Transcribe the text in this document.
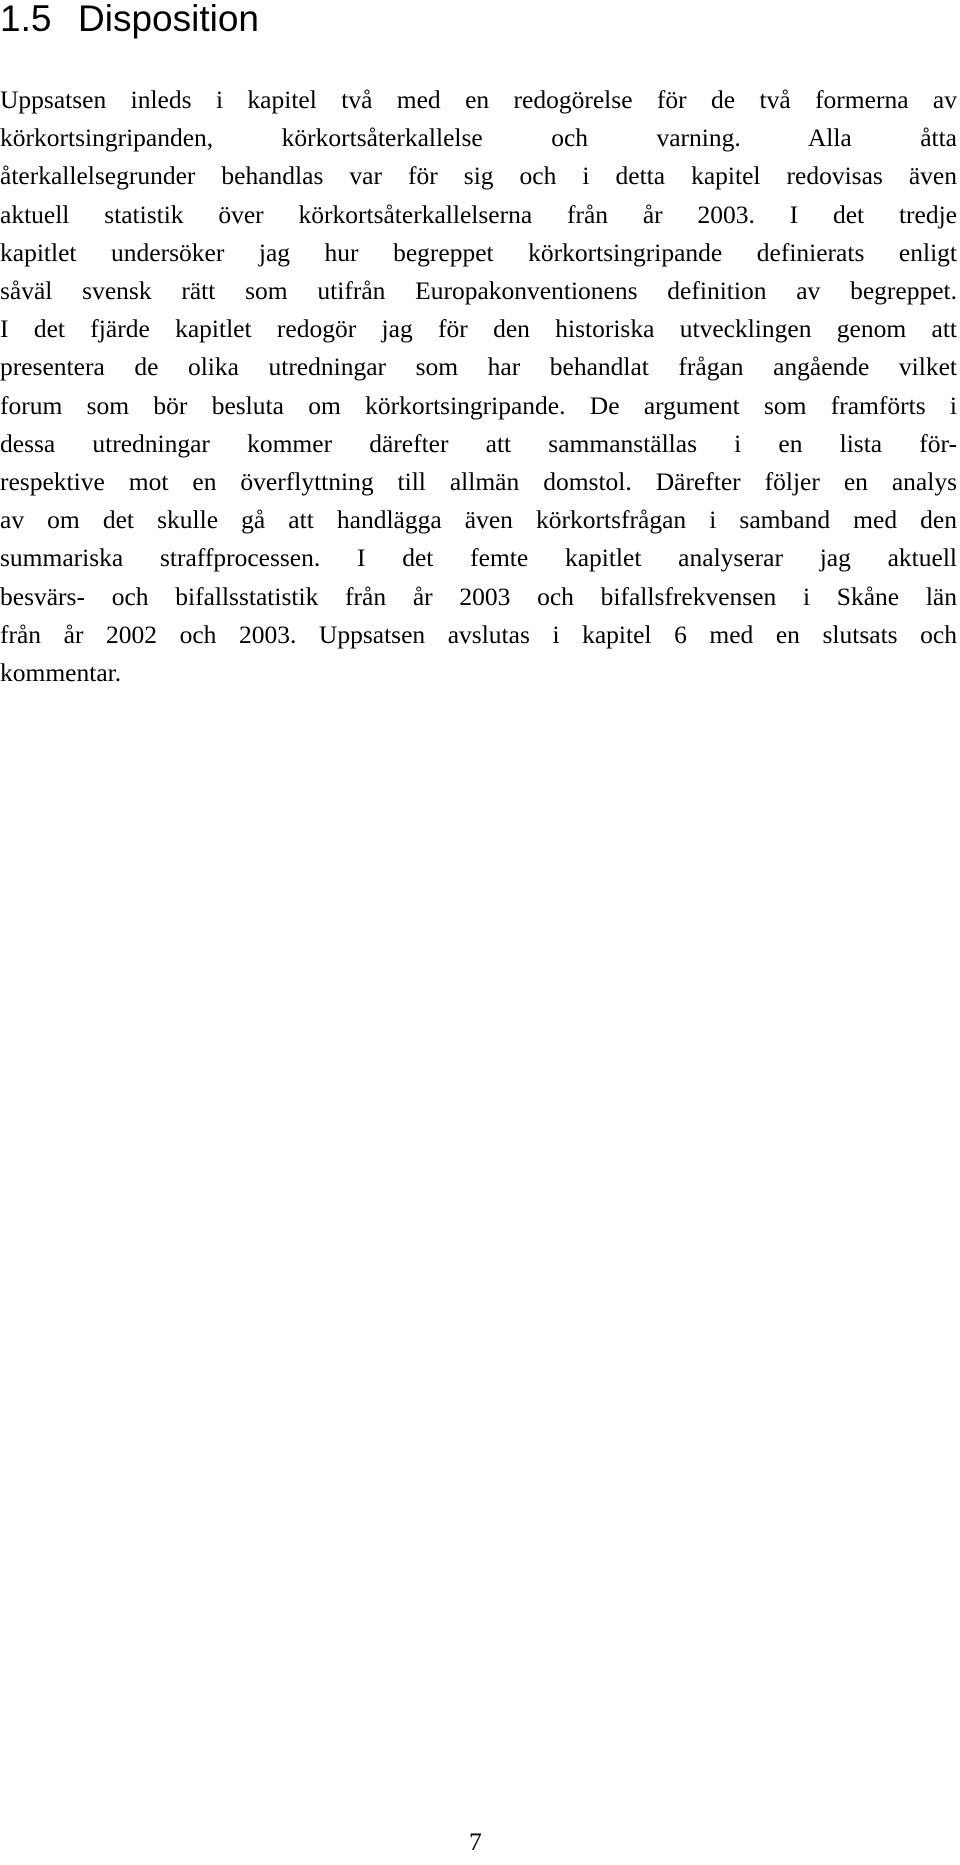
1.5 Disposition
Uppsatsen inleds i kapitel två med en redogörelse för de två formerna av
körkortsingripanden, körkortsåterkallelse och varning. Alla åtta
återkallelsegrunder behandlas var för sig och i detta kapitel redovisas även
aktuell statistik över körkortsåterkallelserna från år 2003. I det tredje
kapitlet undersöker jag hur begreppet körkortsingripande definierats enligt
såväl svensk rätt som utifrån Europakonventionens definition av begreppet.
I det fjärde kapitlet redogör jag för den historiska utvecklingen genom att
presentera de olika utredningar som har behandlat frågan angående vilket
forum som bör besluta om körkortsingripande. De argument som framförts i
dessa utredningar kommer därefter att sammanställas i en lista för-
respektive mot en överflyttning till allmän domstol. Därefter följer en analys
av om det skulle gå att handlägga även körkortsfrågan i samband med den
summariska straffprocessen. I det femte kapitlet analyserar jag aktuell
besvärs- och bifallsstatistik från år 2003 och bifallsfrekvensen i Skåne län
från år 2002 och 2003. Uppsatsen avslutas i kapitel 6 med en slutsats och
kommentar.
7
